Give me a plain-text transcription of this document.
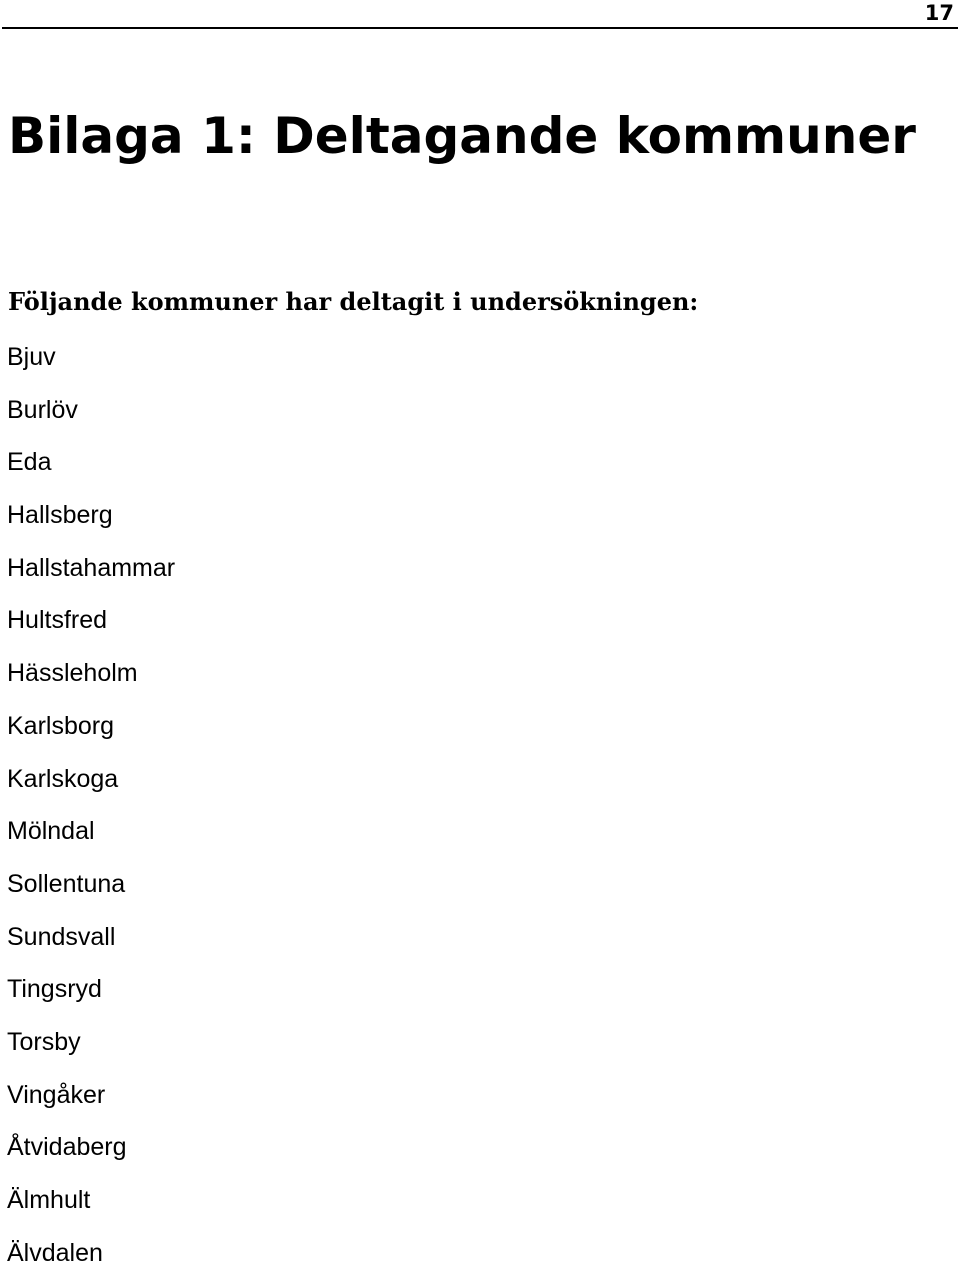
17
Bilaga 1: Deltagande kommuner

Följande kommuner har deltagit i undersökningen:

Bjuv
Burlöv
Eda
Hallsberg
Hallstahammar
Hultsfred
Hässleholm
Karlsborg
Karlskoga
Mölndal
Sollentuna
Sundsvall
Tingsryd
Torsby
Vingåker
Åtvidaberg
Älmhult
Älvdalen
